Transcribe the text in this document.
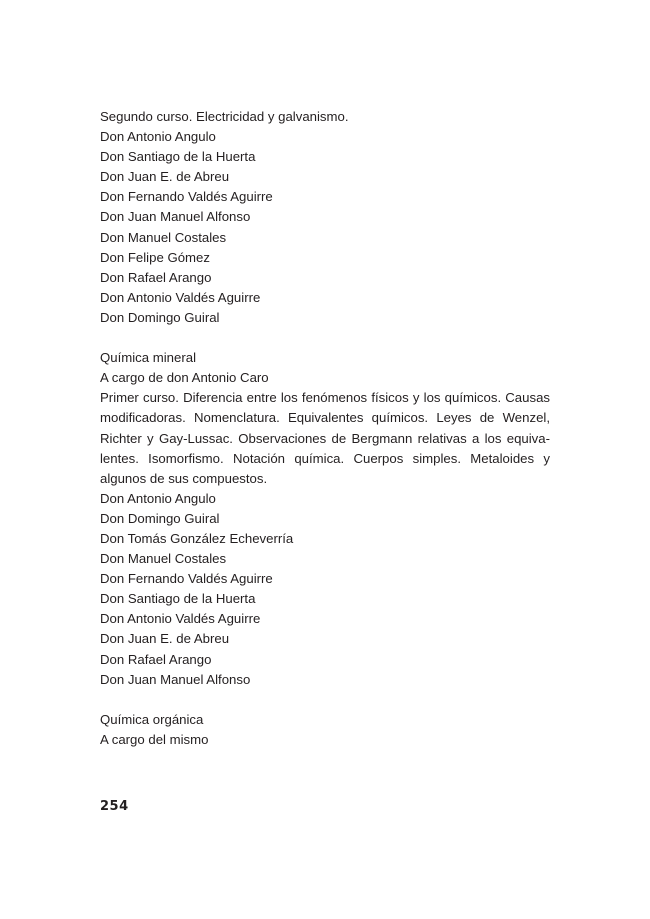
Segundo curso. Electricidad y galvanismo.
Don Antonio Angulo
Don Santiago de la Huerta
Don Juan E. de Abreu
Don Fernando Valdés Aguirre
Don Juan Manuel Alfonso
Don Manuel Costales
Don Felipe Gómez
Don Rafael Arango
Don Antonio Valdés Aguirre
Don Domingo Guiral
Química mineral
A cargo de don Antonio Caro
Primer curso. Diferencia entre los fenómenos físicos y los químicos. Causas modificadoras. Nomenclatura. Equivalentes químicos. Leyes de Wenzel, Richter y Gay-Lussac. Observaciones de Bergmann relativas a los equiva-lentes. Isomorfismo. Notación química. Cuerpos simples. Metaloides y algunos de sus compuestos.
Don Antonio Angulo
Don Domingo Guiral
Don Tomás González Echeverría
Don Manuel Costales
Don Fernando Valdés Aguirre
Don Santiago de la Huerta
Don Antonio Valdés Aguirre
Don Juan E. de Abreu
Don Rafael Arango
Don Juan Manuel Alfonso
Química orgánica
A cargo del mismo
254
